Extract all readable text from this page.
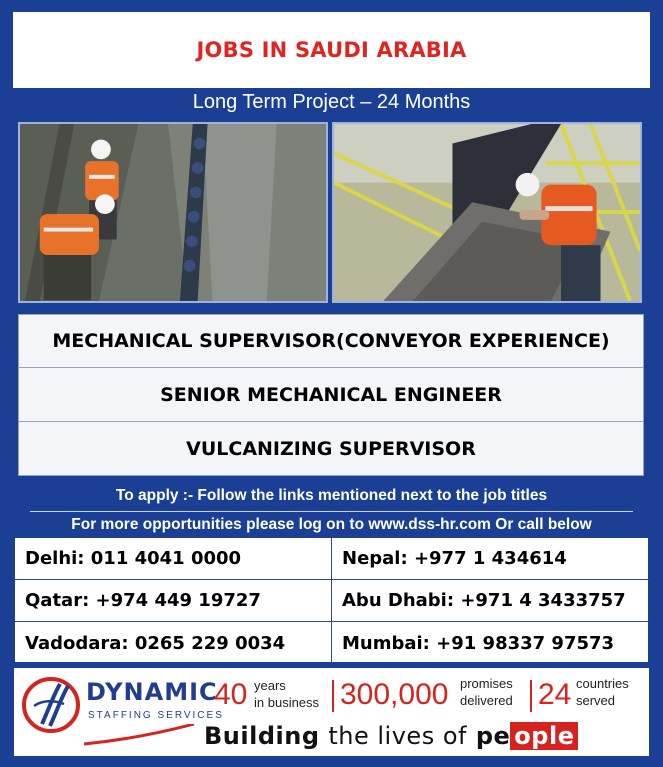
JOBS IN SAUDI ARABIA
Long Term Project – 24 Months
MECHANICAL SUPERVISOR(CONVEYOR EXPERIENCE)
SENIOR MECHANICAL ENGINEER
VULCANIZING SUPERVISOR
To apply :- Follow the links mentioned next to the job titles
For more opportunities please log on to www.dss-hr.com Or call below
Delhi: 011 4041 0000	Nepal: +977 1 434614
Qatar: +974 449 19727	Abu Dhabi: +971 4 3433757
Vadodara: 0265 229 0034	Mumbai: +91 98337 97573
DYNAMIC
STAFFING SERVICES
40 years
in business 300,000 promises
delivered 24 countries
served
Building the lives of pe ople
